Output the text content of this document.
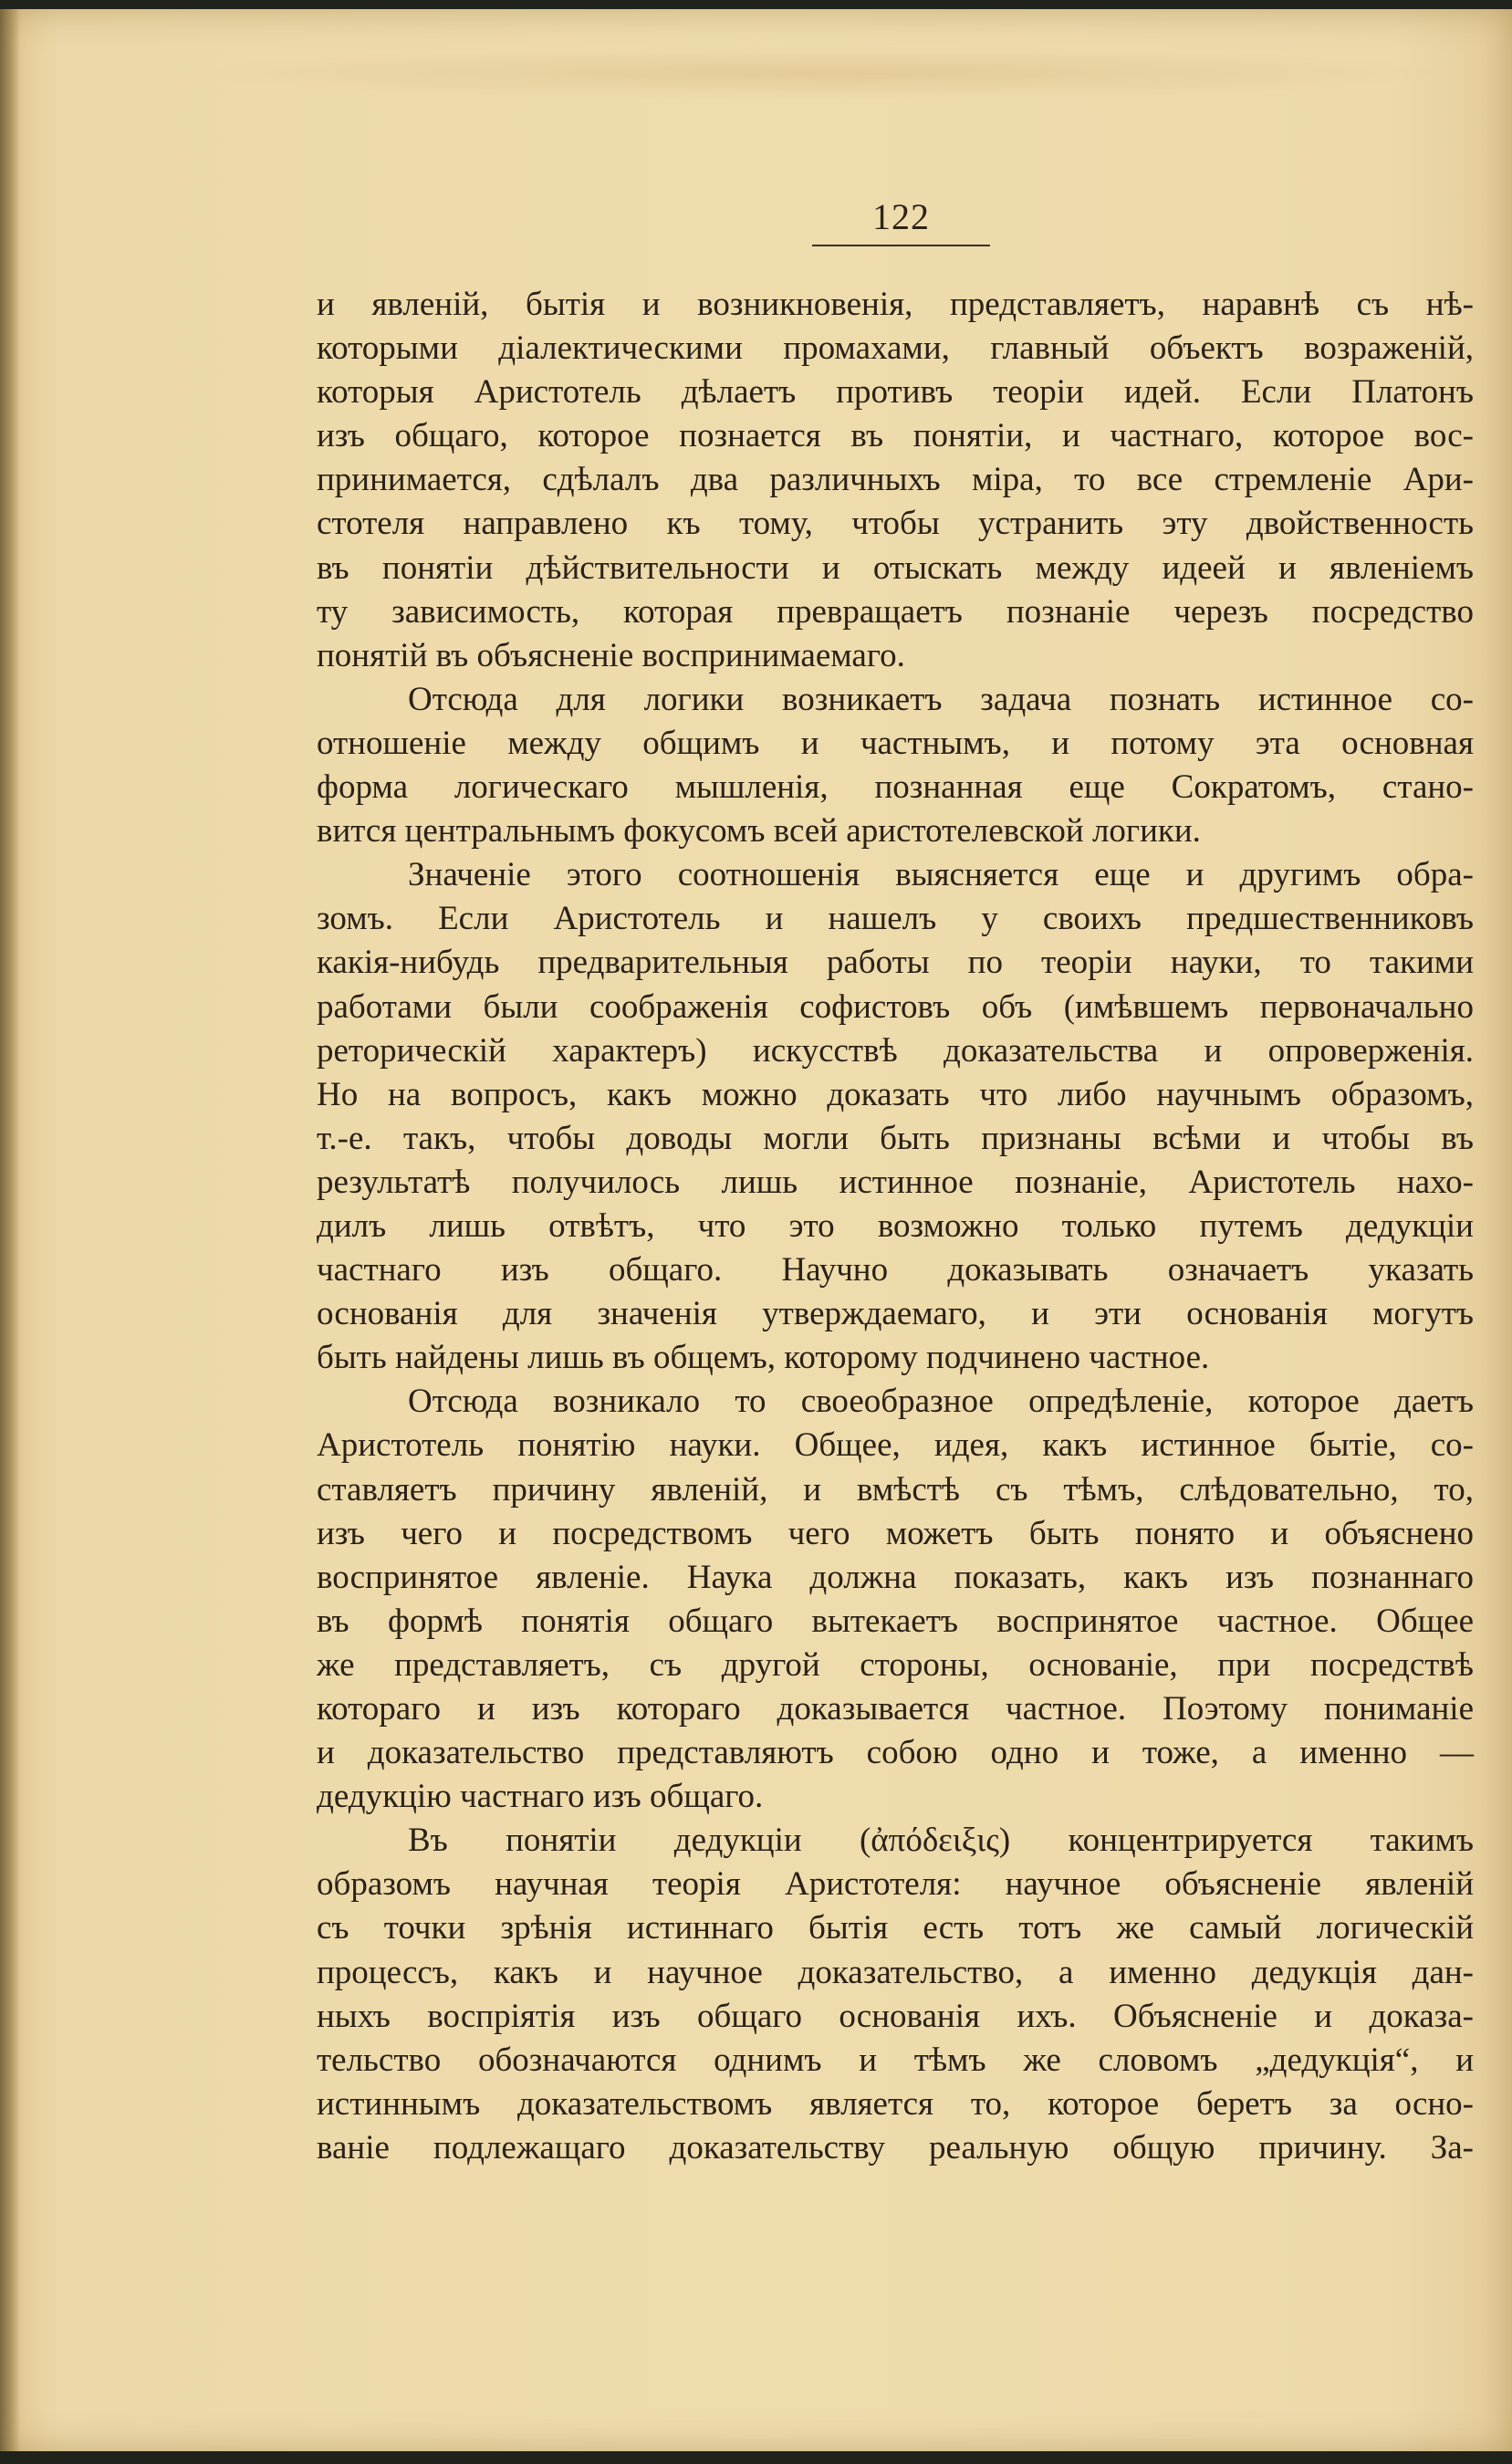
122

и явленій, бытія и возникновенія, представляетъ, наравнѣ съ нѣ-

которыми діалектическими промахами, главный объектъ возраженій,

которыя Аристотель дѣлаетъ противъ теоріи идей. Если Платонъ

изъ общаго, которое познается въ понятіи, и частнаго, которое вос-

принимается, сдѣлалъ два различныхъ міра, то все стремленіе Ари-

стотеля направлено къ тому, чтобы устранить эту двойственность

въ понятіи дѣйствительности и отыскать между идеей и явленіемъ

ту зависимость, которая превращаетъ познаніе черезъ посредство

понятій въ объясненіе воспринимаемаго.

Отсюда для логики возникаетъ задача познать истинное со-

отношеніе между общимъ и частнымъ, и потому эта основная

форма логическаго мышленія, познанная еще Сократомъ, стано-

вится центральнымъ фокусомъ всей аристотелевской логики.

Значеніе этого соотношенія выясняется еще и другимъ обра-

зомъ. Если Аристотель и нашелъ у своихъ предшественниковъ

какія-нибудь предварительныя работы по теоріи науки, то такими

работами были соображенія софистовъ объ (имѣвшемъ первоначально

реторическій характеръ) искусствѣ доказательства и опроверженія.

Но на вопросъ, какъ можно доказать что либо научнымъ образомъ,

т.-е. такъ, чтобы доводы могли быть признаны всѣми и чтобы въ

результатѣ получилось лишь истинное познаніе, Аристотель нахо-

дилъ лишь отвѣтъ, что это возможно только путемъ дедукціи

частнаго изъ общаго. Научно доказывать означаетъ указать

основанія для значенія утверждаемаго, и эти основанія могутъ

быть найдены лишь въ общемъ, которому подчинено частное.

Отсюда возникало то своеобразное опредѣленіе, которое даетъ

Аристотель понятію науки. Общее, идея, какъ истинное бытіе, со-

ставляетъ причину явленій, и вмѣстѣ съ тѣмъ, слѣдовательно, то,

изъ чего и посредствомъ чего можетъ быть понято и объяснено

воспринятое явленіе. Наука должна показать, какъ изъ познаннаго

въ формѣ понятія общаго вытекаетъ воспринятое частное. Общее

же представляетъ, съ другой стороны, основаніе, при посредствѣ

котораго и изъ котораго доказывается частное. Поэтому пониманіе

и доказательство представляютъ собою одно и тоже, а именно —

дедукцію частнаго изъ общаго.

Въ понятіи дедукціи (ἀπόδειξις) концентрируется такимъ

образомъ научная теорія Аристотеля: научное объясненіе явленій

съ точки зрѣнія истиннаго бытія есть тотъ же самый логическій

процессъ, какъ и научное доказательство, а именно дедукція дан-

ныхъ воспріятія изъ общаго основанія ихъ. Объясненіе и доказа-

тельство обозначаются однимъ и тѣмъ же словомъ „дедукція“, и

истиннымъ доказательствомъ является то, которое беретъ за осно-

ваніе подлежащаго доказательству реальную общую причину. За-
